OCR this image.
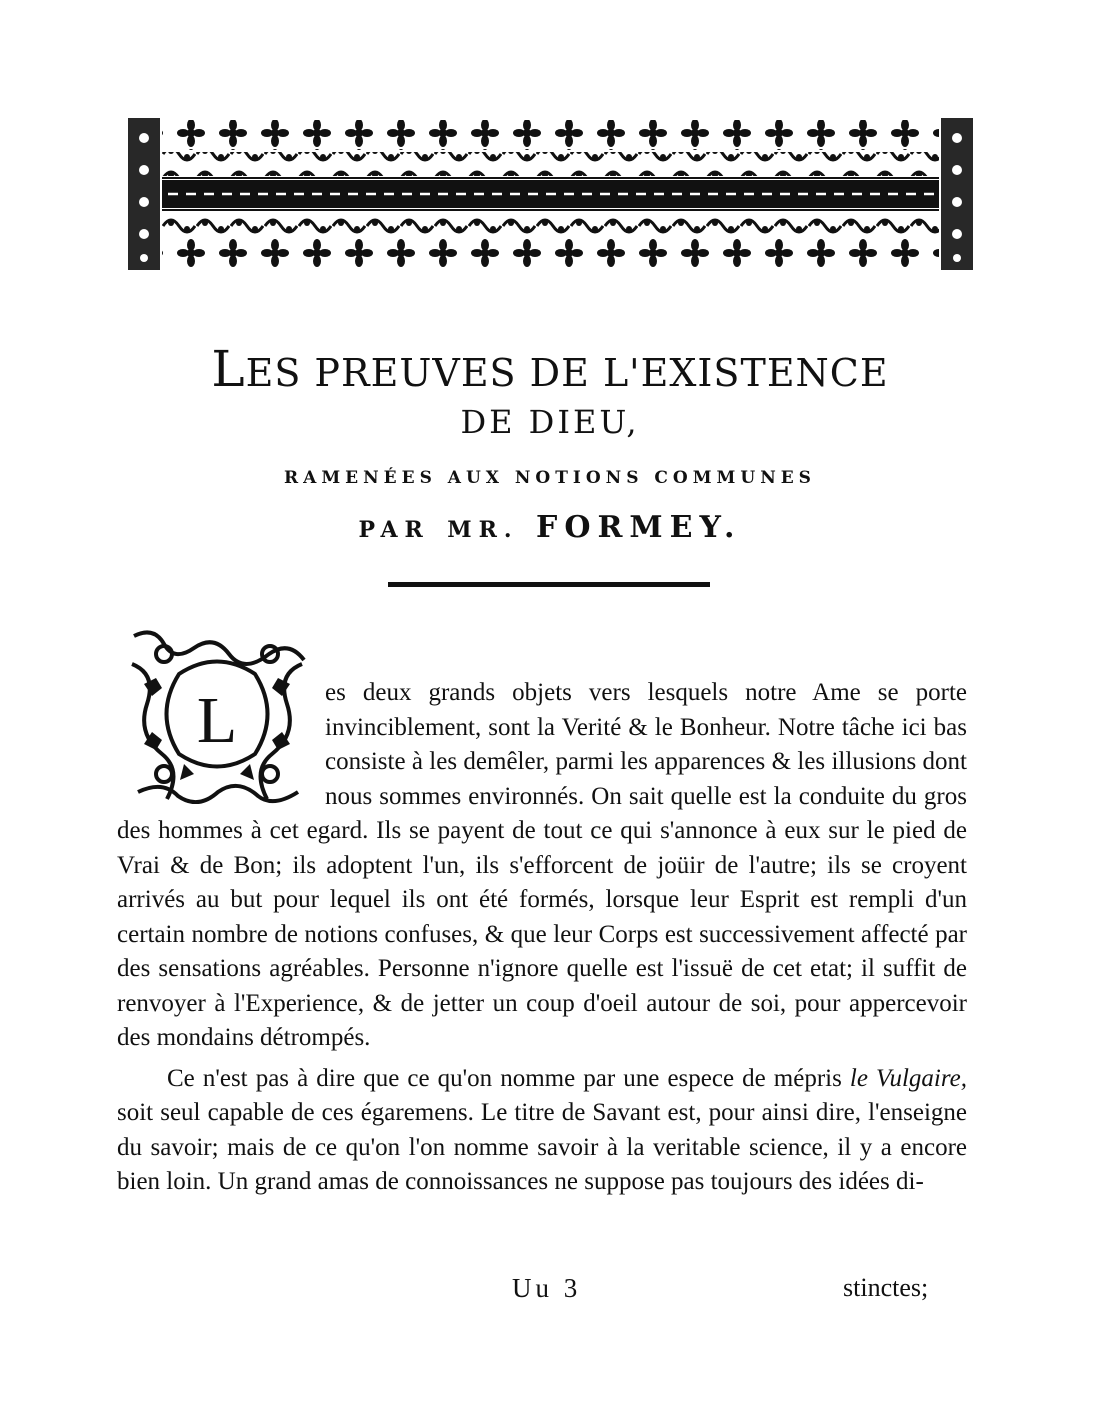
LES PREUVES DE L'EXISTENCE
DE DIEU,
RAMENÉES AUX NOTIONS COMMUNES
PAR MR. FORMEY.
L	es deux grands objets vers lesquels notre Ame se porte invinciblement, sont la Verité & le Bonheur. Notre tâche ici bas consiste à les demêler, parmi les apparences & les illusions dont nous sommes environnés. On sait quelle est la conduite du gros des hommes à cet egard. Ils se payent de tout ce qui s'annonce à eux sur le pied de Vrai & de Bon; ils adoptent l'un, ils s'efforcent de joüir de l'autre; ils se croyent arrivés au but pour lequel ils ont été formés, lorsque leur Esprit est rempli d'un certain nombre de notions confuses, & que leur Corps est successivement affecté par des sensations agréables. Personne n'ignore quelle est l'issuë de cet etat; il suffit de renvoyer à l'Experience, & de jetter un coup d'oeil autour de soi, pour appercevoir des mondains détrompés.

Ce n'est pas à dire que ce qu'on nomme par une espece de mépris le Vulgaire, soit seul capable de ces égaremens. Le titre de Savant est, pour ainsi dire, l'enseigne du savoir; mais de ce qu'on l'on nomme savoir à la veritable science, il y a encore bien loin. Un grand amas de connoissances ne suppose pas toujours des idées di-

Uu 3	stinctes;
